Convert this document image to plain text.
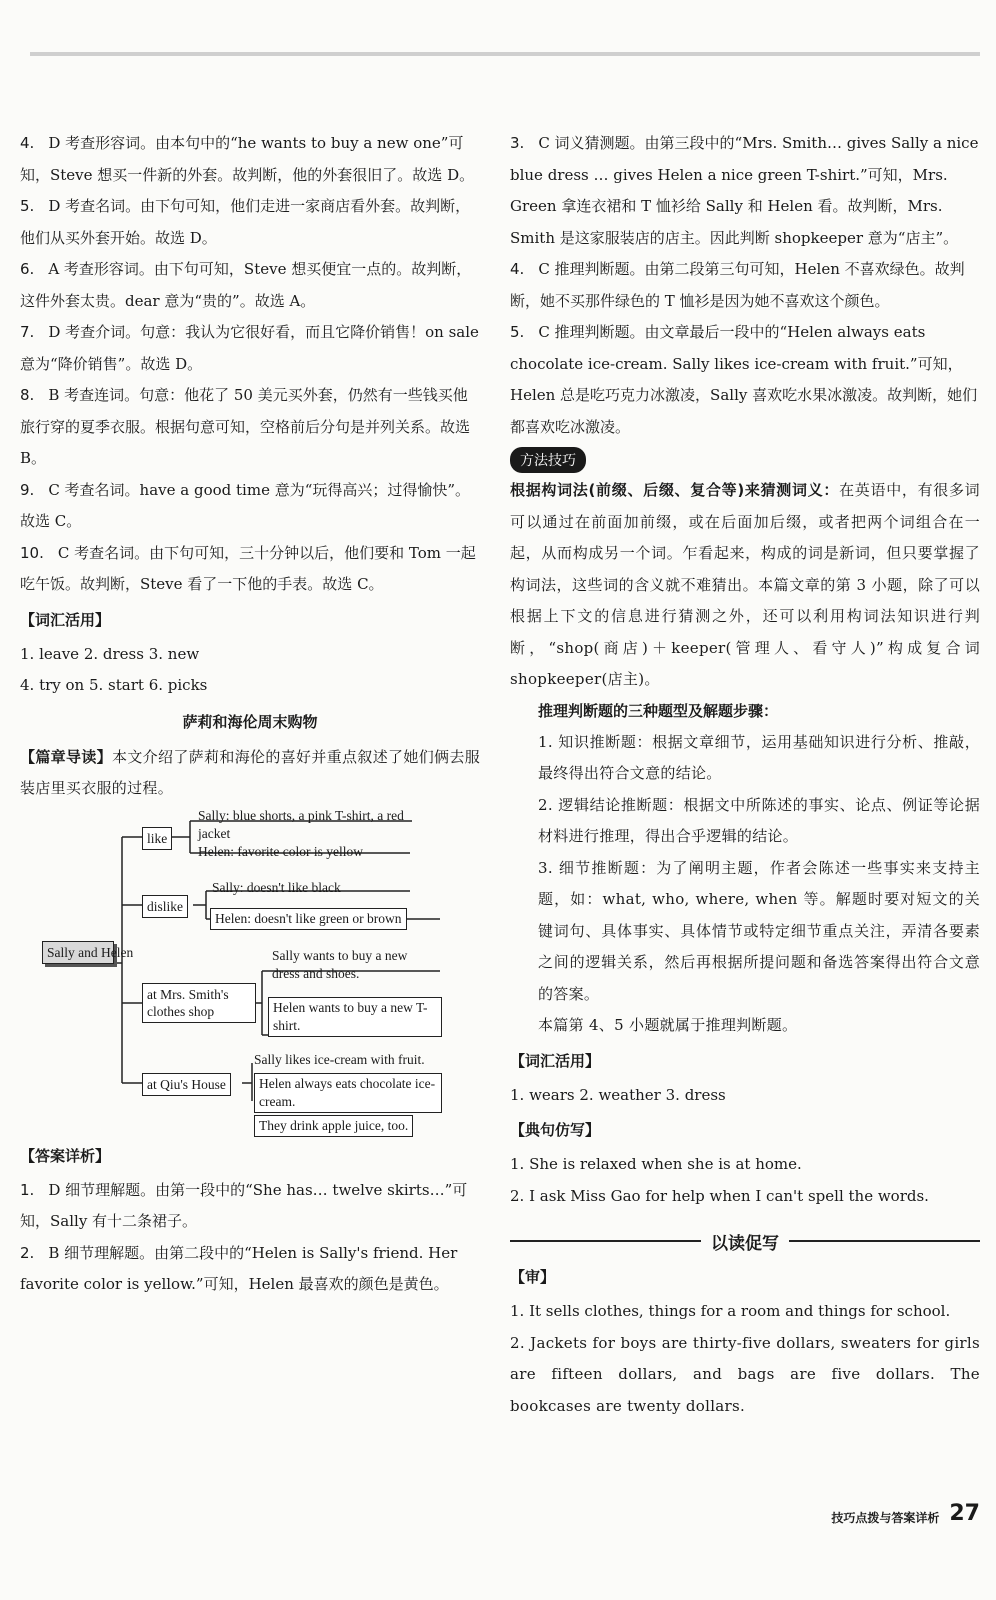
4. D 考查形容词。由本句中的“he wants to buy a new one”可知，Steve 想买一件新的外套。故判断，他的外套很旧了。故选 D。

5. D 考查名词。由下句可知，他们走进一家商店看外套。故判断，他们从买外套开始。故选 D。

6. A 考查形容词。由下句可知，Steve 想买便宜一点的。故判断，这件外套太贵。dear 意为“贵的”。故选 A。

7. D 考查介词。句意：我认为它很好看，而且它降价销售！on sale 意为“降价销售”。故选 D。

8. B 考查连词。句意：他花了 50 美元买外套，仍然有一些钱买他旅行穿的夏季衣服。根据句意可知，空格前后分句是并列关系。故选 B。

9. C 考查名词。have a good time 意为“玩得高兴；过得愉快”。故选 C。

10. C 考查名词。由下句可知，三十分钟以后，他们要和 Tom 一起吃午饭。故判断，Steve 看了一下他的手表。故选 C。

【词汇活用】

1. leave 2. dress 3. new

4. try on 5. start 6. picks

萨莉和海伦周末购物

【篇章导读】本文介绍了萨莉和海伦的喜好并重点叙述了她们俩去服装店里买衣服的过程。

Sally and Helen
like
Sally: blue shorts, a pink T-shirt, a red jacket
Helen: favorite color is yellow
dislike
Sally: doesn't like black
Helen: doesn't like green or brown
at Mrs. Smith's clothes shop
Sally wants to buy a new dress and shoes.
Helen wants to buy a new T-shirt.
at Qiu's House
Sally likes ice-cream with fruit.
Helen always eats chocolate ice-cream.
They drink apple juice, too.
【答案详析】

1. D 细节理解题。由第一段中的“She has… twelve skirts…”可知，Sally 有十二条裙子。

2. B 细节理解题。由第二段中的“Helen is Sally's friend. Her favorite color is yellow.”可知，Helen 最喜欢的颜色是黄色。

3. C 词义猜测题。由第三段中的“Mrs. Smith… gives Sally a nice blue dress … gives Helen a nice green T-shirt.”可知，Mrs. Green 拿连衣裙和 T 恤衫给 Sally 和 Helen 看。故判断，Mrs. Smith 是这家服装店的店主。因此判断 shopkeeper 意为“店主”。

4. C 推理判断题。由第二段第三句可知，Helen 不喜欢绿色。故判断，她不买那件绿色的 T 恤衫是因为她不喜欢这个颜色。

5. C 推理判断题。由文章最后一段中的“Helen always eats chocolate ice-cream. Sally likes ice-cream with fruit.”可知，Helen 总是吃巧克力冰激凌，Sally 喜欢吃水果冰激凌。故判断，她们都喜欢吃冰激凌。

方法技巧

根据构词法(前缀、后缀、复合等)来猜测词义：在英语中，有很多词可以通过在前面加前缀，或在后面加后缀，或者把两个词组合在一起，从而构成另一个词。乍看起来，构成的词是新词，但只要掌握了构词法，这些词的含义就不难猜出。本篇文章的第 3 小题，除了可以根据上下文的信息进行猜测之外，还可以利用构词法知识进行判断，“shop(商店)＋keeper(管理人、看守人)”构成复合词 shopkeeper(店主)。

推理判断题的三种题型及解题步骤：

1. 知识推断题：根据文章细节，运用基础知识进行分析、推敲，最终得出符合文意的结论。

2. 逻辑结论推断题：根据文中所陈述的事实、论点、例证等论据材料进行推理，得出合乎逻辑的结论。

3. 细节推断题：为了阐明主题，作者会陈述一些事实来支持主题，如：what, who, where, when 等。解题时要对短文的关键词句、具体事实、具体情节或特定细节重点关注，弄清各要素之间的逻辑关系，然后再根据所提问题和备选答案得出符合文意的答案。

本篇第 4、5 小题就属于推理判断题。

【词汇活用】

1. wears 2. weather 3. dress

【典句仿写】

1. She is relaxed when she is at home.

2. I ask Miss Gao for help when I can't spell the words.

以读促写
【审】

1. It sells clothes, things for a room and things for school.

2. Jackets for boys are thirty-five dollars, sweaters for girls are fifteen dollars, and bags are five dollars. The bookcases are twenty dollars.

技巧点拨与答案详析 27
